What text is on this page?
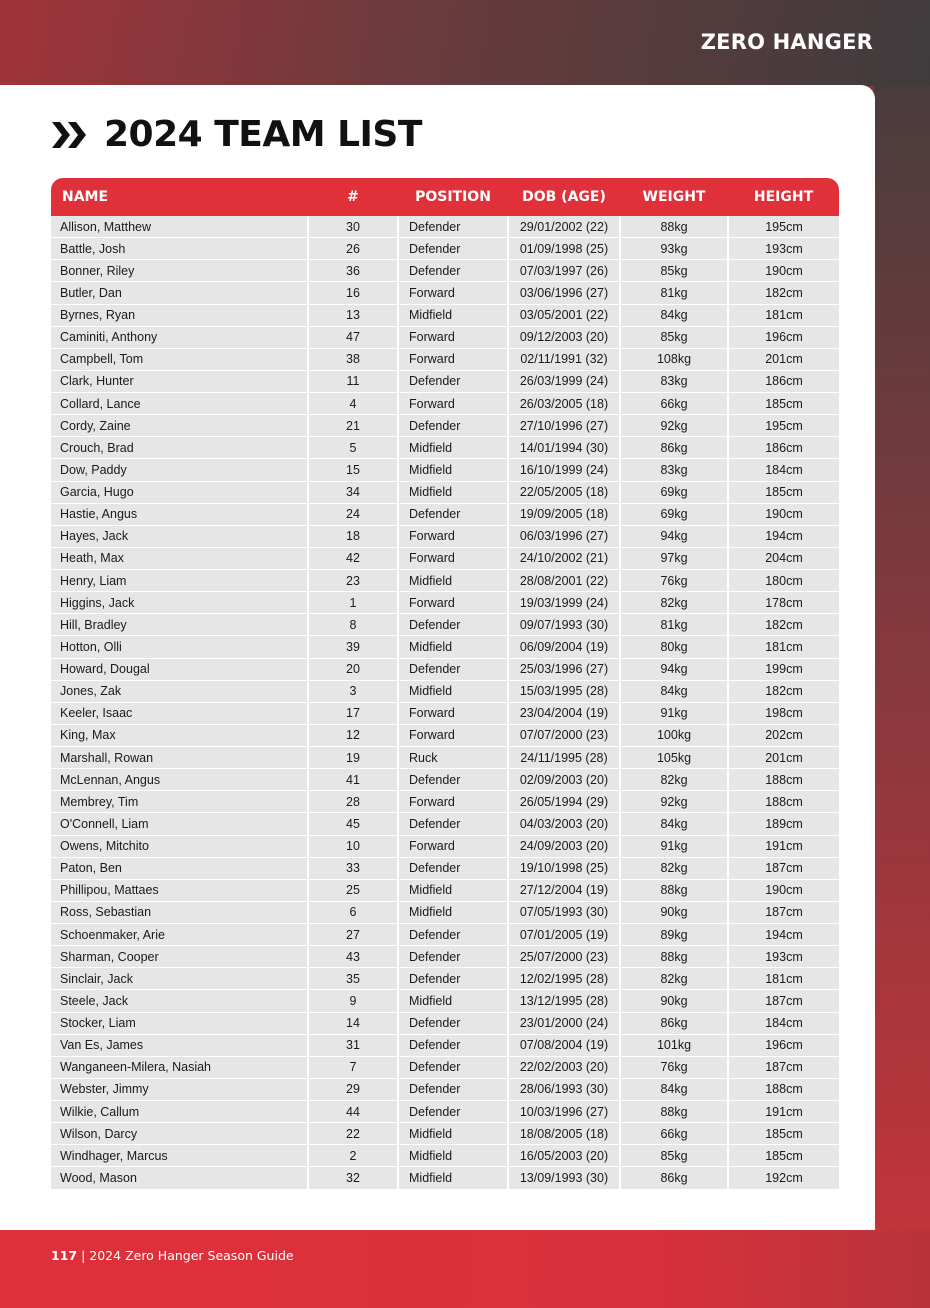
ZERO HANGER
2024 TEAM LIST
NAME	#	POSITION	DOB (AGE)	WEIGHT	HEIGHT
Allison, Matthew	30	Defender	29/01/2002 (22)	88kg	195cm
Battle, Josh	26	Defender	01/09/1998 (25)	93kg	193cm
Bonner, Riley	36	Defender	07/03/1997 (26)	85kg	190cm
Butler, Dan	16	Forward	03/06/1996 (27)	81kg	182cm
Byrnes, Ryan	13	Midfield	03/05/2001 (22)	84kg	181cm
Caminiti, Anthony	47	Forward	09/12/2003 (20)	85kg	196cm
Campbell, Tom	38	Forward	02/11/1991 (32)	108kg	201cm
Clark, Hunter	11	Defender	26/03/1999 (24)	83kg	186cm
Collard, Lance	4	Forward	26/03/2005 (18)	66kg	185cm
Cordy, Zaine	21	Defender	27/10/1996 (27)	92kg	195cm
Crouch, Brad	5	Midfield	14/01/1994 (30)	86kg	186cm
Dow, Paddy	15	Midfield	16/10/1999 (24)	83kg	184cm
Garcia, Hugo	34	Midfield	22/05/2005 (18)	69kg	185cm
Hastie, Angus	24	Defender	19/09/2005 (18)	69kg	190cm
Hayes, Jack	18	Forward	06/03/1996 (27)	94kg	194cm
Heath, Max	42	Forward	24/10/2002 (21)	97kg	204cm
Henry, Liam	23	Midfield	28/08/2001 (22)	76kg	180cm
Higgins, Jack	1	Forward	19/03/1999 (24)	82kg	178cm
Hill, Bradley	8	Defender	09/07/1993 (30)	81kg	182cm
Hotton, Olli	39	Midfield	06/09/2004 (19)	80kg	181cm
Howard, Dougal	20	Defender	25/03/1996 (27)	94kg	199cm
Jones, Zak	3	Midfield	15/03/1995 (28)	84kg	182cm
Keeler, Isaac	17	Forward	23/04/2004 (19)	91kg	198cm
King, Max	12	Forward	07/07/2000 (23)	100kg	202cm
Marshall, Rowan	19	Ruck	24/11/1995 (28)	105kg	201cm
McLennan, Angus	41	Defender	02/09/2003 (20)	82kg	188cm
Membrey, Tim	28	Forward	26/05/1994 (29)	92kg	188cm
O'Connell, Liam	45	Defender	04/03/2003 (20)	84kg	189cm
Owens, Mitchito	10	Forward	24/09/2003 (20)	91kg	191cm
Paton, Ben	33	Defender	19/10/1998 (25)	82kg	187cm
Phillipou, Mattaes	25	Midfield	27/12/2004 (19)	88kg	190cm
Ross, Sebastian	6	Midfield	07/05/1993 (30)	90kg	187cm
Schoenmaker, Arie	27	Defender	07/01/2005 (19)	89kg	194cm
Sharman, Cooper	43	Defender	25/07/2000 (23)	88kg	193cm
Sinclair, Jack	35	Defender	12/02/1995 (28)	82kg	181cm
Steele, Jack	9	Midfield	13/12/1995 (28)	90kg	187cm
Stocker, Liam	14	Defender	23/01/2000 (24)	86kg	184cm
Van Es, James	31	Defender	07/08/2004 (19)	101kg	196cm
Wanganeen-Milera, Nasiah	7	Defender	22/02/2003 (20)	76kg	187cm
Webster, Jimmy	29	Defender	28/06/1993 (30)	84kg	188cm
Wilkie, Callum	44	Defender	10/03/1996 (27)	88kg	191cm
Wilson, Darcy	22	Midfield	18/08/2005 (18)	66kg	185cm
Windhager, Marcus	2	Midfield	16/05/2003 (20)	85kg	185cm
Wood, Mason	32	Midfield	13/09/1993 (30)	86kg	192cm
117 | 2024 Zero Hanger Season Guide
